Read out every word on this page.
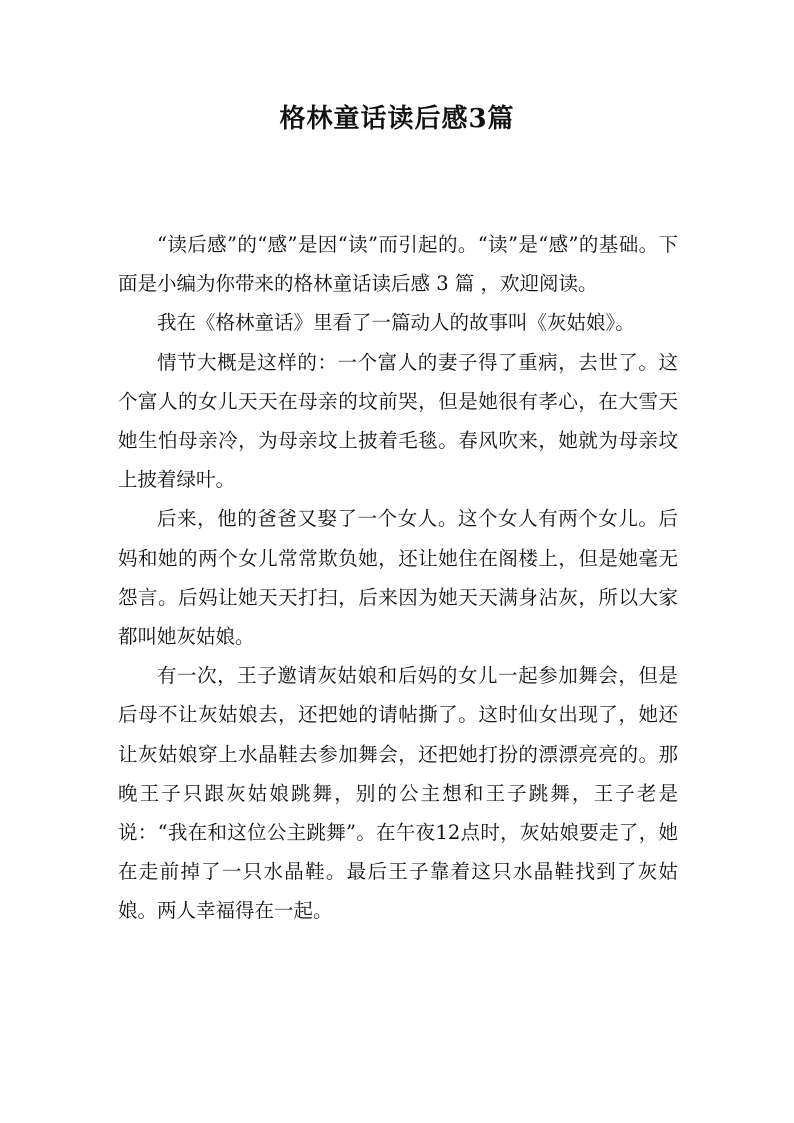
格林童话读后感3篇

“读后感”的“感”是因“读”而引起的。“读”是“感”的基础。下面是小编为你带来的格林童话读后感 3 篇 ，欢迎阅读。

我在《格林童话》里看了一篇动人的故事叫《灰姑娘》。

情节大概是这样的：一个富人的妻子得了重病，去世了。这个富人的女儿天天在母亲的坟前哭，但是她很有孝心，在大雪天她生怕母亲冷，为母亲坟上披着毛毯。春风吹来，她就为母亲坟上披着绿叶。

后来，他的爸爸又娶了一个女人。这个女人有两个女儿。后妈和她的两个女儿常常欺负她，还让她住在阁楼上，但是她毫无怨言。后妈让她天天打扫，后来因为她天天满身沾灰，所以大家都叫她灰姑娘。

有一次，王子邀请灰姑娘和后妈的女儿一起参加舞会，但是后母不让灰姑娘去，还把她的请帖撕了。这时仙女出现了，她还让灰姑娘穿上水晶鞋去参加舞会，还把她打扮的漂漂亮亮的。那晚王子只跟灰姑娘跳舞，别的公主想和王子跳舞，王子老是说：“我在和这位公主跳舞”。在午夜12点时，灰姑娘要走了，她在走前掉了一只水晶鞋。最后王子靠着这只水晶鞋找到了灰姑娘。两人幸福得在一起。
